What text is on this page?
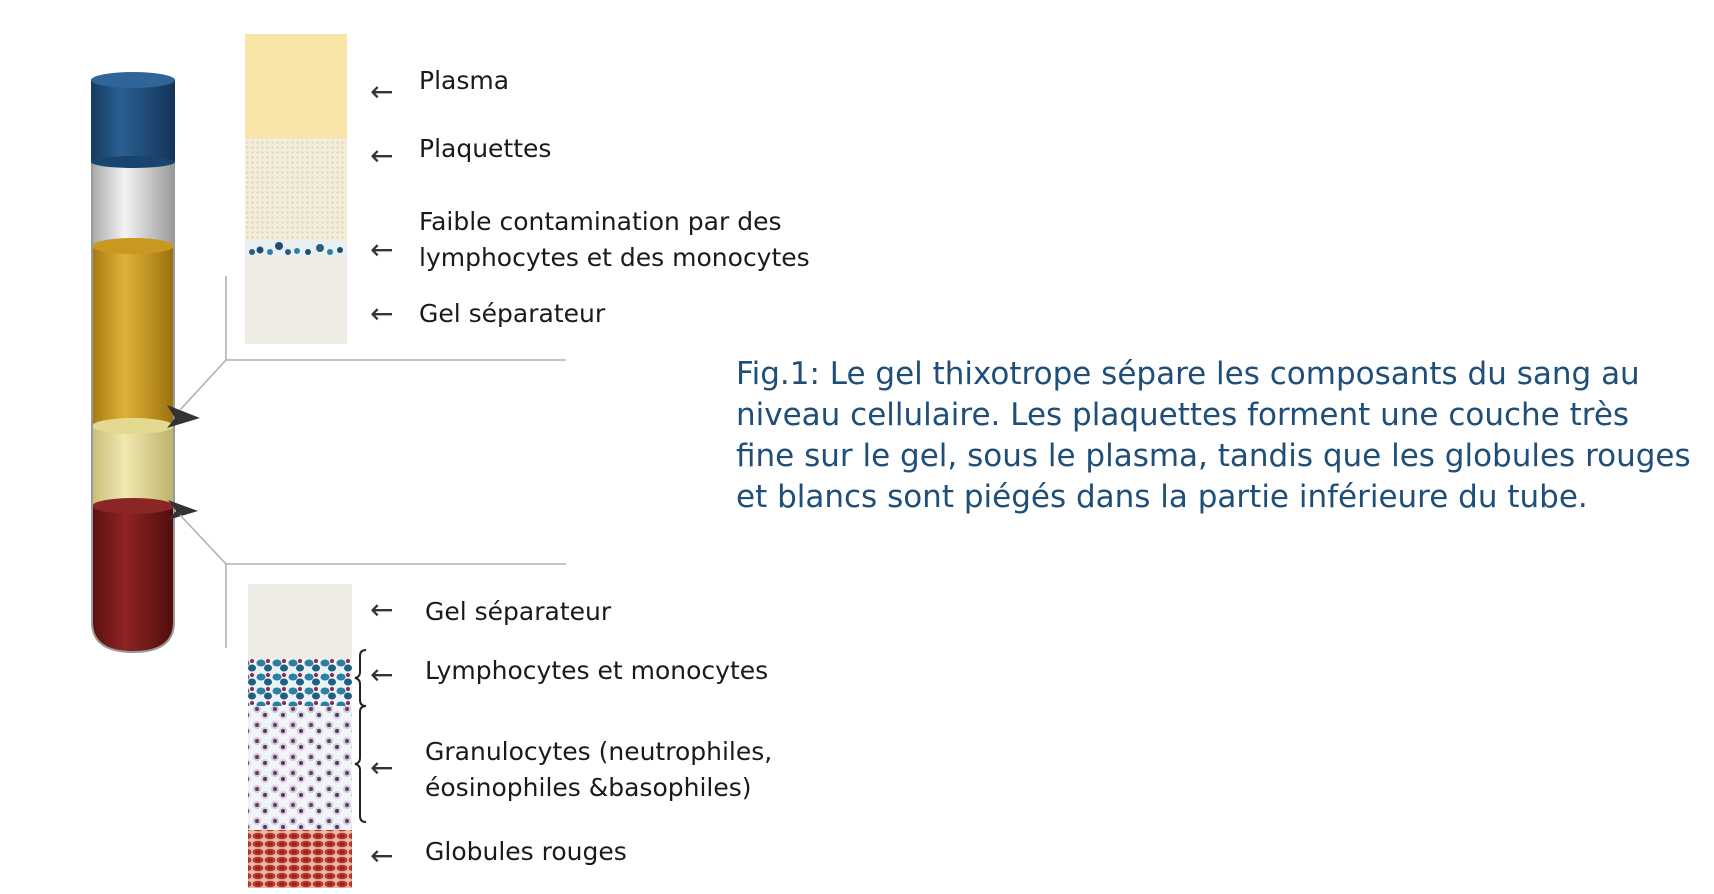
← Plasma
← Plaquettes
←
Faible contamination par des
lymphocytes et des monocytes
← Gel séparateur
Fig.1: Le gel thixotrope sépare les composants du sang au niveau cellulaire. Les plaquettes forment une couche très fine sur le gel, sous le plasma, tandis que les globules rouges et blancs sont piégés dans la partie inférieure du tube.
← Gel séparateur
← Lymphocytes et monocytes
← Granulocytes (neutrophiles,
éosinophiles &basophiles)
← Globules rouges
